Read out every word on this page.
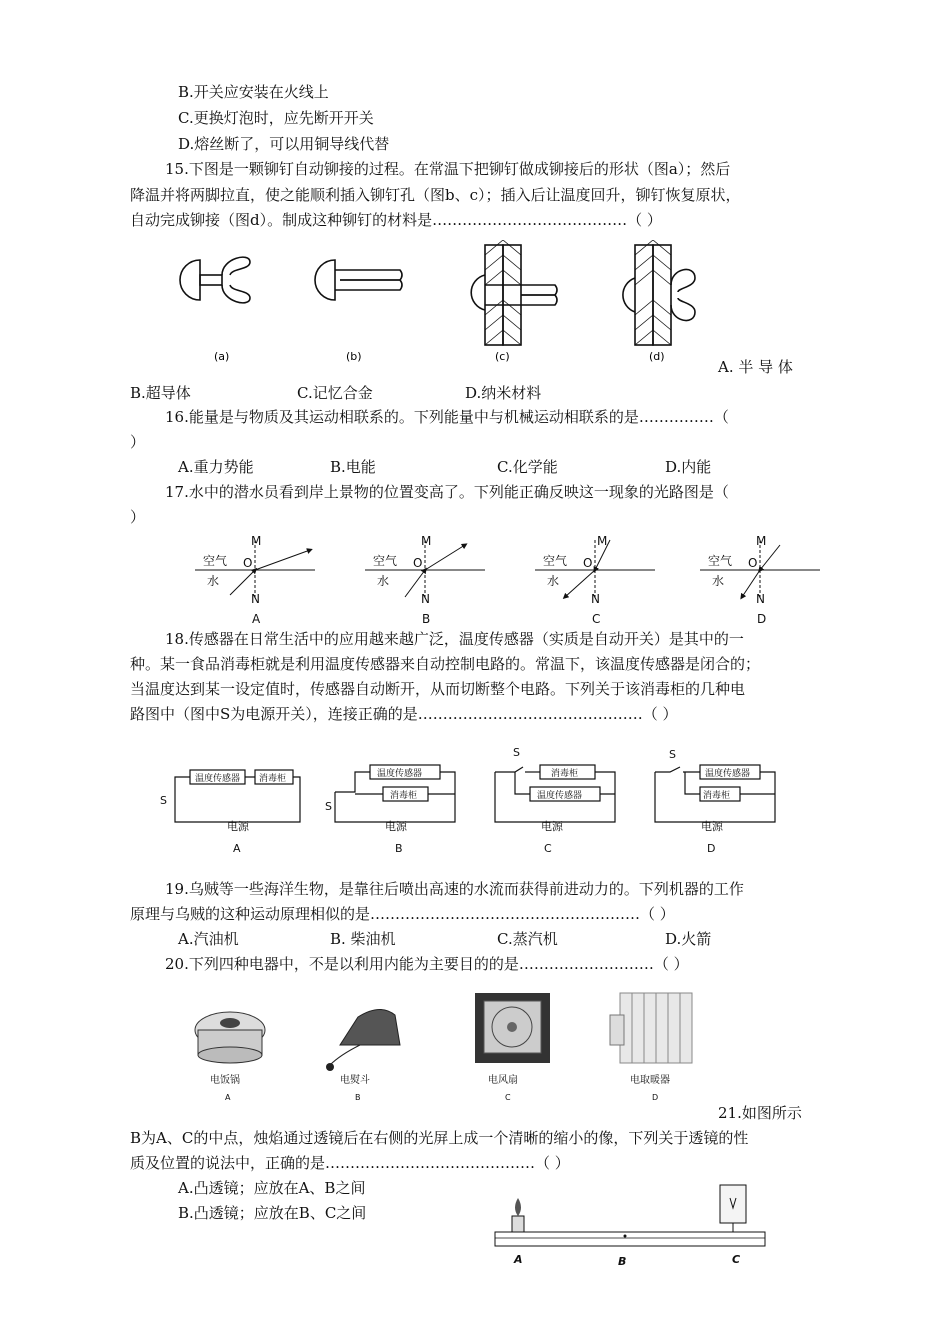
B.开关应安装在火线上
C.更换灯泡时，应先断开开关
D.熔丝断了，可以用铜导线代替
15.下图是一颗铆钉自动铆接的过程。在常温下把铆钉做成铆接后的形状（图a）；然后
降温并将两脚拉直，使之能顺利插入铆钉孔（图b、c）；插入后让温度回升，铆钉恢复原状，
自动完成铆接（图d）。制成这种铆钉的材料是…………………………………（ ）
(a)	(b)	(c)	(d)
A. 半 导 体
B.超导体	C.记忆合金	D.纳米材料
16.能量是与物质及其运动相联系的。下列能量中与机械运动相联系的是……………（
）
A.重力势能	B.电能	C.化学能	D.内能
17.水中的潜水员看到岸上景物的位置变高了。下列能正确反映这一现象的光路图是（
）
空气
水
M
O
N
A
空气
水
M
O
N
B
空气
水
M
O
N
C
空气
水
M
O
N
D
18.传感器在日常生活中的应用越来越广泛，温度传感器（实质是自动开关）是其中的一
种。某一食品消毒柜就是利用温度传感器来自动控制电路的。常温下，该温度传感器是闭合的；
当温度达到某一设定值时，传感器自动断开，从而切断整个电路。下列关于该消毒柜的几种电
路图中（图中S为电源开关），连接正确的是………………………………………（ ）
温度传感器 消毒柜	温度传感器
消毒柜
消毒柜
温度传感器
温度传感器
消毒柜
电源	电源	电源	电源
S	S
S	S
A	B	C	D
19.乌贼等一些海洋生物，是靠往后喷出高速的水流而获得前进动力的。下列机器的工作
原理与乌贼的这种运动原理相似的是………………………………………………（ ）
A.汽油机	B. 柴油机	C.蒸汽机	D.火箭
20.下列四种电器中，不是以利用内能为主要目的的是………………………（ ）
电饭锅	电熨斗	电风扇	电取暖器
A	B	C	D
21.如图所示
B为A、C的中点，烛焰通过透镜后在右侧的光屏上成一个清晰的缩小的像，下列关于透镜的性
质及位置的说法中，正确的是……………………………………（ ）
A.凸透镜；应放在A、B之间
B.凸透镜；应放在B、C之间
A	B	C
